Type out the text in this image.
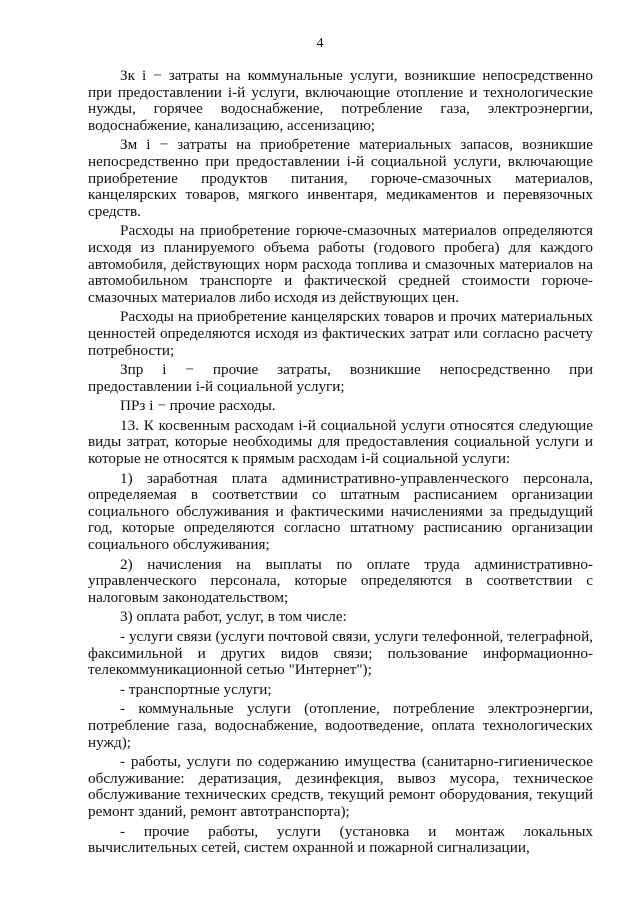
4

Зк i − затраты на коммунальные услуги, возникшие непосредственно при предоставлении i-й услуги, включающие отопление и технологические нужды, горячее водоснабжение, потребление газа, электроэнергии, водоснабжение, канализацию, ассенизацию;

Зм i − затраты на приобретение материальных запасов, возникшие непосредственно при предоставлении i-й социальной услуги, включающие приобретение продуктов питания, горюче-смазочных материалов, канцелярских товаров, мягкого инвентаря, медикаментов и перевязочных средств.

Расходы на приобретение горюче-смазочных материалов определяются исходя из планируемого объема работы (годового пробега) для каждого автомобиля, действующих норм расхода топлива и смазочных материалов на автомобильном транспорте и фактической средней стоимости горюче-смазочных материалов либо исходя из действующих цен.

Расходы на приобретение канцелярских товаров и прочих материальных ценностей определяются исходя из фактических затрат или согласно расчету потребности;

Зпр i − прочие затраты, возникшие непосредственно при предоставлении i-й социальной услуги;

ПРз i − прочие расходы.

13. К косвенным расходам i-й социальной услуги относятся следующие виды затрат, которые необходимы для предоставления социальной услуги и которые не относятся к прямым расходам i-й социальной услуги:

1) заработная плата административно-управленческого персонала, определяемая в соответствии со штатным расписанием организации социального обслуживания и фактическими начислениями за предыдущий год, которые определяются согласно штатному расписанию организации социального обслуживания;

2) начисления на выплаты по оплате труда административно-управленческого персонала, которые определяются в соответствии с налоговым законодательством;

3) оплата работ, услуг, в том числе:

- услуги связи (услуги почтовой связи, услуги телефонной, телеграфной, факсимильной и других видов связи; пользование информационно-телекоммуникационной сетью "Интернет");

- транспортные услуги;

- коммунальные услуги (отопление, потребление электроэнергии, потребление газа, водоснабжение, водоотведение, оплата технологических нужд);

- работы, услуги по содержанию имущества (санитарно-гигиеническое обслуживание: дератизация, дезинфекция, вывоз мусора, техническое обслуживание технических средств, текущий ремонт оборудования, текущий ремонт зданий, ремонт автотранспорта);

- прочие работы, услуги (установка и монтаж локальных вычислительных сетей, систем охранной и пожарной сигнализации,
